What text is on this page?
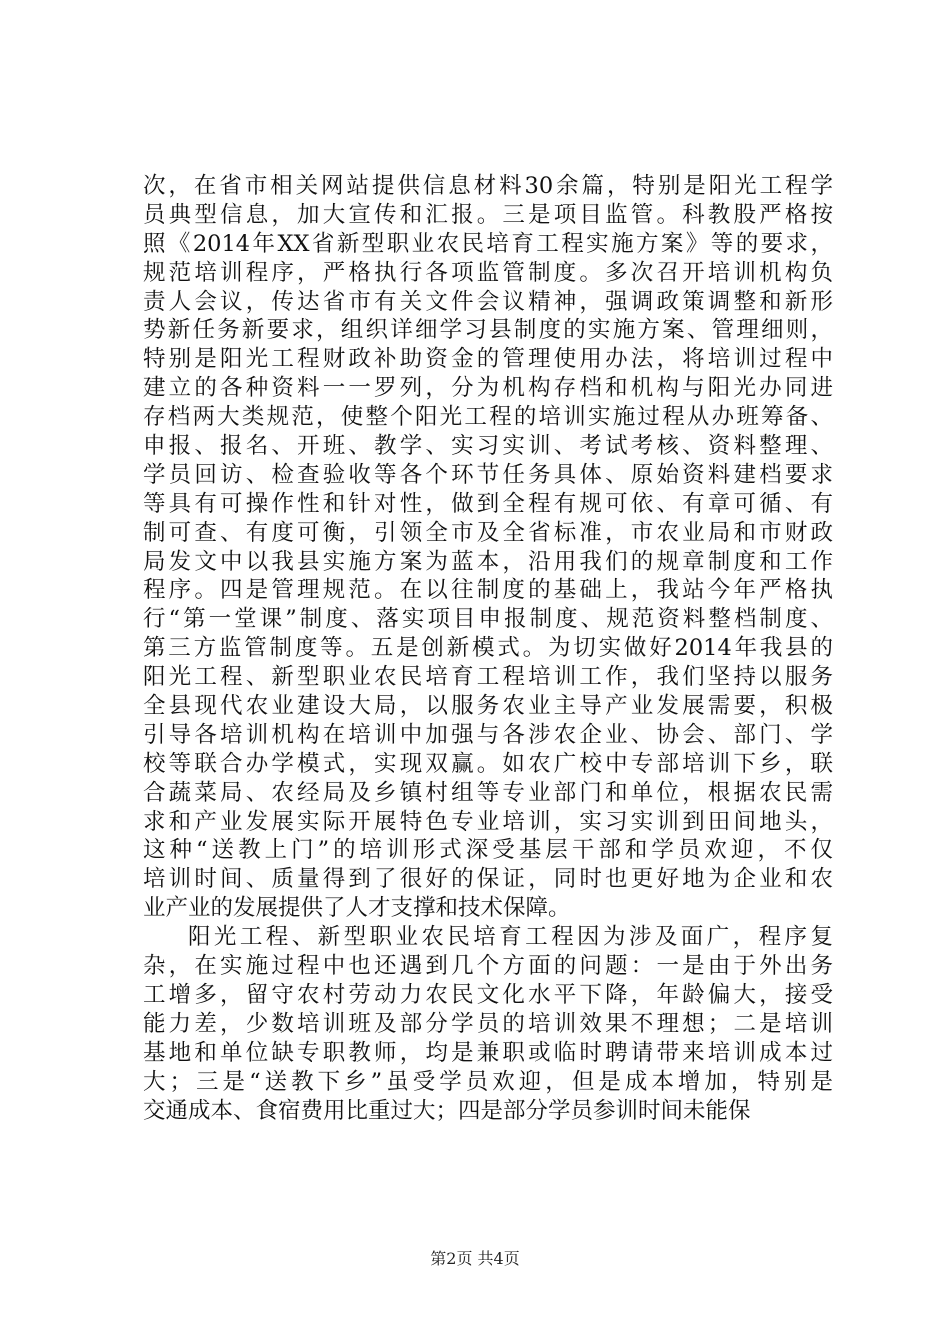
次，在省市相关网站提供信息材料30余篇，特别是阳光工程学
员典型信息，加大宣传和汇报。三是项目监管。科教股严格按
照《2014年XX省新型职业农民培育工程实施方案》等的要求，
规范培训程序，严格执行各项监管制度。多次召开培训机构负
责人会议，传达省市有关文件会议精神，强调政策调整和新形
势新任务新要求，组织详细学习县制度的实施方案、管理细则，
特别是阳光工程财政补助资金的管理使用办法，将培训过程中
建立的各种资料一一罗列，分为机构存档和机构与阳光办同进
存档两大类规范，使整个阳光工程的培训实施过程从办班筹备、
申报、报名、开班、教学、实习实训、考试考核、资料整理、
学员回访、检查验收等各个环节任务具体、原始资料建档要求
等具有可操作性和针对性，做到全程有规可依、有章可循、有
制可查、有度可衡，引领全市及全省标准，市农业局和市财政
局发文中以我县实施方案为蓝本，沿用我们的规章制度和工作
程序。四是管理规范。在以往制度的基础上，我站今年严格执
行“第一堂课”制度、落实项目申报制度、规范资料整档制度、
第三方监管制度等。五是创新模式。为切实做好2014年我县的
阳光工程、新型职业农民培育工程培训工作，我们坚持以服务
全县现代农业建设大局，以服务农业主导产业发展需要，积极
引导各培训机构在培训中加强与各涉农企业、协会、部门、学
校等联合办学模式，实现双赢。如农广校中专部培训下乡，联
合蔬菜局、农经局及乡镇村组等专业部门和单位，根据农民需
求和产业发展实际开展特色专业培训，实习实训到田间地头，
这种“送教上门”的培训形式深受基层干部和学员欢迎，不仅
培训时间、质量得到了很好的保证，同时也更好地为企业和农
业产业的发展提供了人才支撑和技术保障。
阳光工程、新型职业农民培育工程因为涉及面广，程序复
杂，在实施过程中也还遇到几个方面的问题：一是由于外出务
工增多，留守农村劳动力农民文化水平下降，年龄偏大，接受
能力差，少数培训班及部分学员的培训效果不理想；二是培训
基地和单位缺专职教师，均是兼职或临时聘请带来培训成本过
大；三是“送教下乡”虽受学员欢迎，但是成本增加，特别是
交通成本、食宿费用比重过大；四是部分学员参训时间未能保
第2页 共4页
